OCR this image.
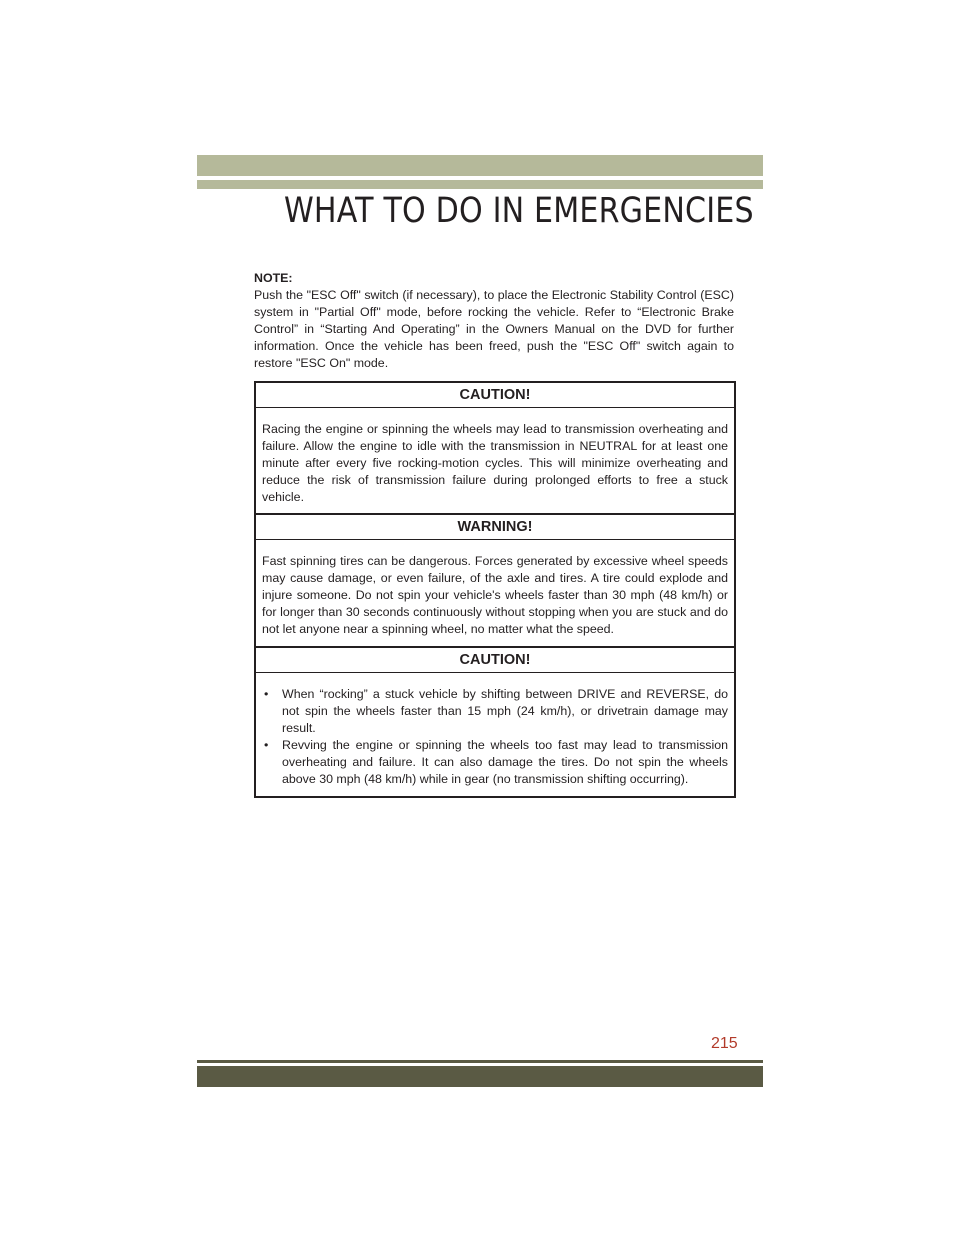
WHAT TO DO IN EMERGENCIES
NOTE:
Push the "ESC Off" switch (if necessary), to place the Electronic Stability Control (ESC) system in "Partial Off" mode, before rocking the vehicle. Refer to “Electronic Brake Control” in “Starting And Operating” in the Owners Manual on the DVD for further information. Once the vehicle has been freed, push the "ESC Off" switch again to restore "ESC On" mode.
CAUTION!
Racing the engine or spinning the wheels may lead to transmission overheating and failure. Allow the engine to idle with the transmission in NEUTRAL for at least one minute after every five rocking-motion cycles. This will minimize overheating and reduce the risk of transmission failure during prolonged efforts to free a stuck vehicle.
WARNING!
Fast spinning tires can be dangerous. Forces generated by excessive wheel speeds may cause damage, or even failure, of the axle and tires. A tire could explode and injure someone. Do not spin your vehicle's wheels faster than 30 mph (48 km/h) or for longer than 30 seconds continuously without stopping when you are stuck and do not let anyone near a spinning wheel, no matter what the speed.
CAUTION!
• When “rocking” a stuck vehicle by shifting between DRIVE and REVERSE, do not spin the wheels faster than 15 mph (24 km/h), or drivetrain damage may result.
• Revving the engine or spinning the wheels too fast may lead to transmission overheating and failure. It can also damage the tires. Do not spin the wheels above 30 mph (48 km/h) while in gear (no transmission shifting occurring).
215
